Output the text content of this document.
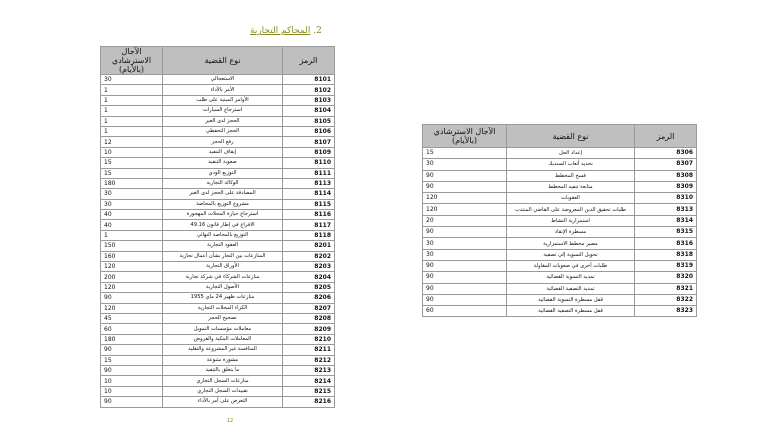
2. المحاكم التجارية
الرمز	نوع القضية	الآجال الاسترشادي (بالأيام)
8101	الاستعجالي	30
8102	الأمر بالأداء	1
8103	الأوامر المبنية على طلب	1
8104	استرجاع السيارات	1
8105	الحجز لدى الغير	1
8106	الحجز التحفظي	1
8107	رفع الحجز	12
8109	إيقاف التنفيذ	10
8110	صعوبة التنفيذ	15
8111	التوزيع الودي	15
8113	الوكالة التجارية	180
8114	المصادقة على الحجز لدى الغير	30
8115	مشروع التوزيع بالمحاصة	30
8116	استرجاع حيازة المحلات المهجورة	40
8117	الافراغ في إطار قانون 49.16	40
8118	التوزيع بالمحاصة النهائي	1
8201	العقود التجارية	150
8202	المنازعات بين التجار بشأن أعمال تجارية	160
8203	الأوراق التجارية	120
8204	منازعات الشركاء في شركة تجارية	200
8205	الأصول التجارية	120
8206	منازعات ظهير 24 ماي 1955	90
8207	الكراء المحلات التجارية	120
8208	تصحيح الحجز	45
8209	معاملات مؤسسات التمويل	60
8210	المعاملات البنكية والقروض	180
8211	المنافسة غير المشروعة والتقليد	90
8212	مشورة متنوعة	15
8213	ما يتعلق بالتنفيذ	90
8214	منازعات السجل التجاري	10
8215	تقييدات السجل التجاري	10
8216	التعرض على أمر بالأداء	90
الرمز	نوع القضية	الآجال الاسترشادي (بالأيام)
8306	إعداد الحل	15
8307	تحديد أتعاب السنديك	30
8308	فسخ المخطط	90
8309	متابعة تنفيذ المخطط	90
8310	العقوبات	120
8313	طلبات تحقيق الدين المعروضة على القاضي المنتدب	120
8314	استمرارية النشاط	20
8315	مسطرة الإنقاذ	90
8316	مصير مخطط الاستمرارية	30
8318	تحويل التسوية إلى تصفية	30
8319	طلبات أخرى في صعوبات المقاولة	90
8320	تمديد التسوية القضائية	90
8321	تمديد التصفية القضائية	90
8322	قفل مسطرة التسوية القضائية	90
8323	قفل مسطرة التصفية القضائية	60
12
